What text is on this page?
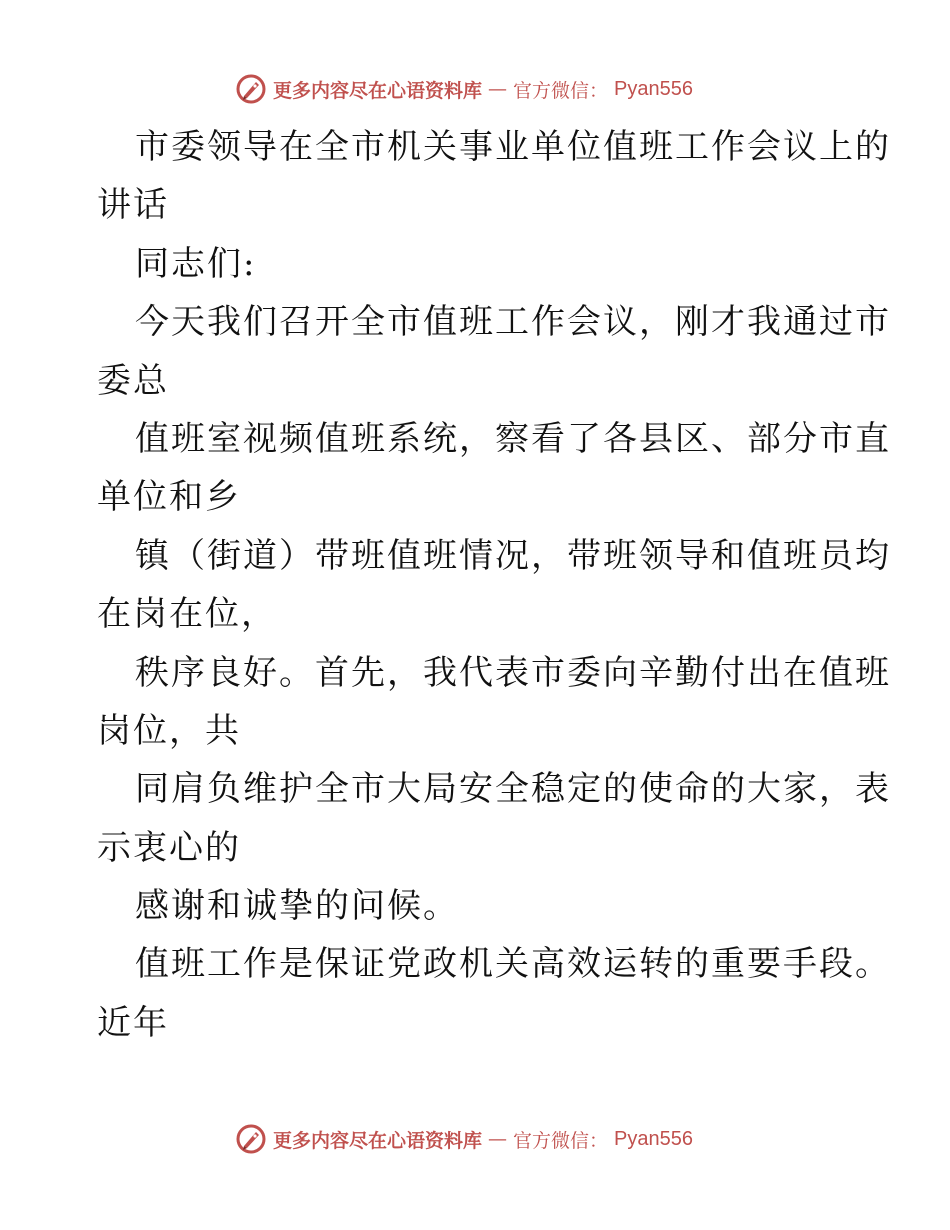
更多内容尽在心语资料库 — 官方微信： Pyan556
市委领导在全市机关事业单位值班工作会议上的
讲话
同志们:
今天我们召开全市值班工作会议，刚才我通过市
委总
值班室视频值班系统，察看了各县区、部分市直
单位和乡
镇（街道）带班值班情况，带班领导和值班员均
在岗在位，
秩序良好。首先，我代表市委向辛勤付出在值班
岗位，共
同肩负维护全市大局安全稳定的使命的大家，表
示衷心的
感谢和诚挚的问候。
值班工作是保证党政机关高效运转的重要手段。
近年
更多内容尽在心语资料库 — 官方微信： Pyan556
